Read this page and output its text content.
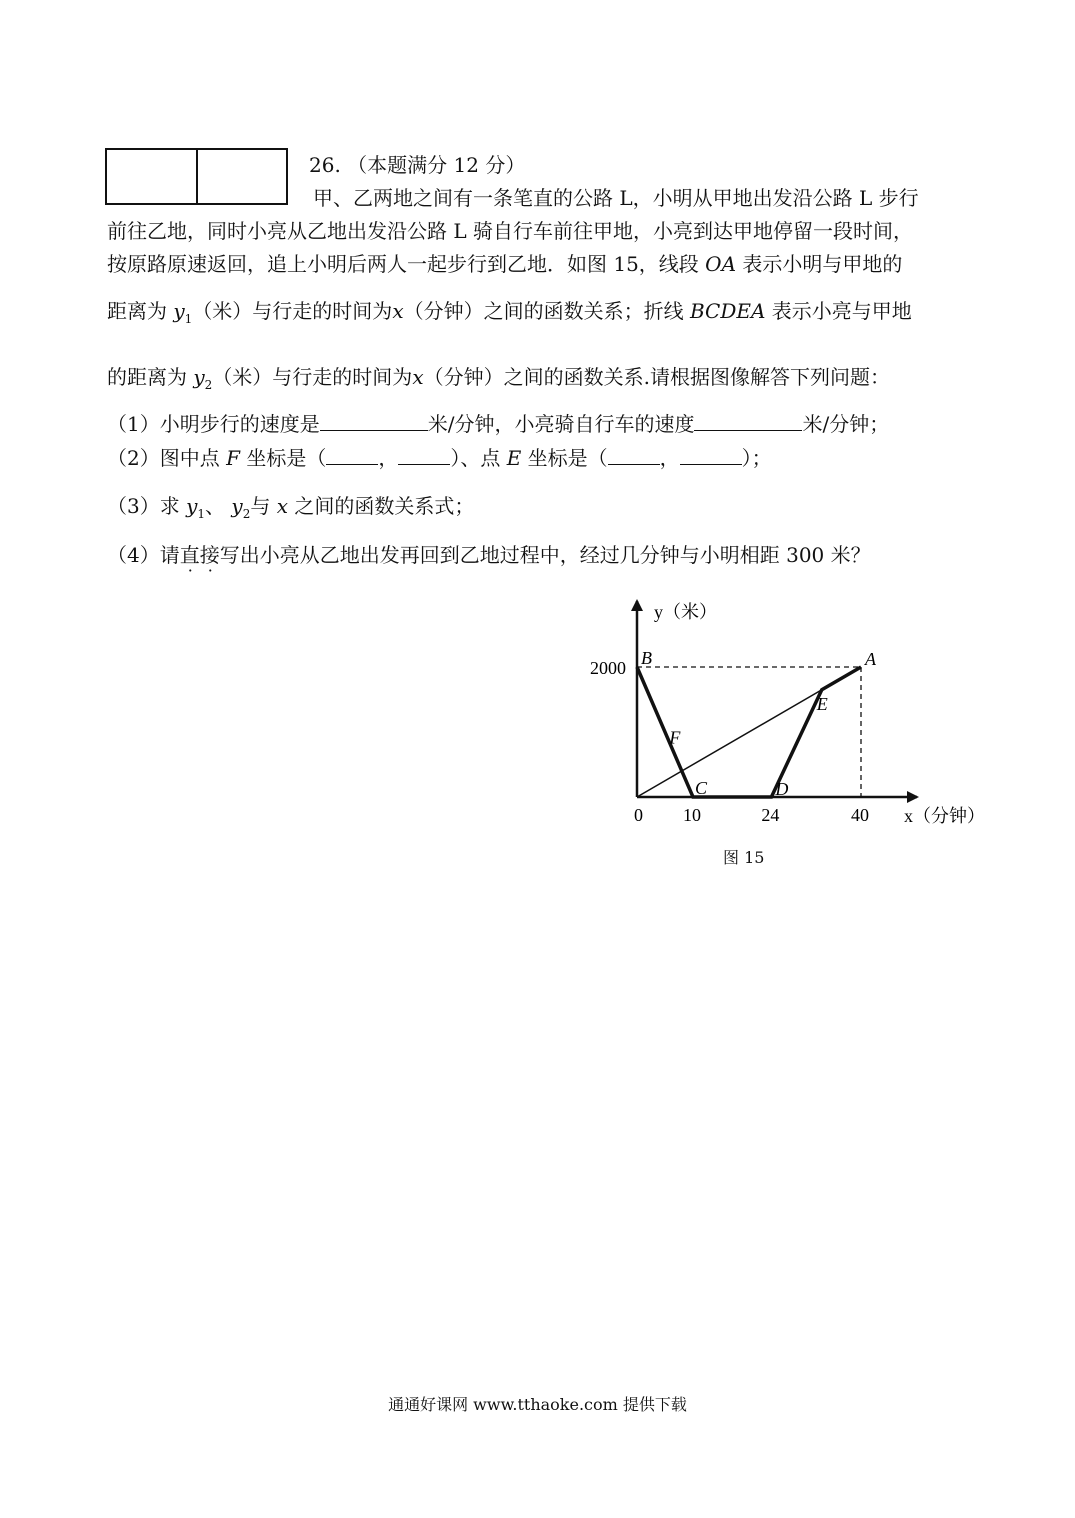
26. （本题满分 12 分）
甲、乙两地之间有一条笔直的公路 L，小明从甲地出发沿公路 L 步行
前往乙地，同时小亮从乙地出发沿公路 L 骑自行车前往甲地，小亮到达甲地停留一段时间，
按原路原速返回，追上小明后两人一起步行到乙地．如图 15，线段 OA 表示小明与甲地的
距离为 $y_1$（米）与行走的时间为x（分钟）之间的函数关系；折线 BCDEA 表示小亮与甲地
的距离为 $y_2$（米）与行走的时间为x（分钟）之间的函数关系.请根据图像解答下列问题：
（1）小明步行的速度是	米/分钟，小亮骑自行车的速度	米/分钟；
（2）图中点 F 坐标是（	，	）、点 E 坐标是（	，	）；
（3）求 $y_1$、 $y_2$与 x 之间的函数关系式；
（4）请直接写出小亮从乙地出发再回到乙地过程中，经过几分钟与小明相距 300 米？
10	24	40
2000	A
B
C	D
E
F
y（米）
x（分钟）
0
图 15
通通好课网 www.tthaoke.com 提供下载
